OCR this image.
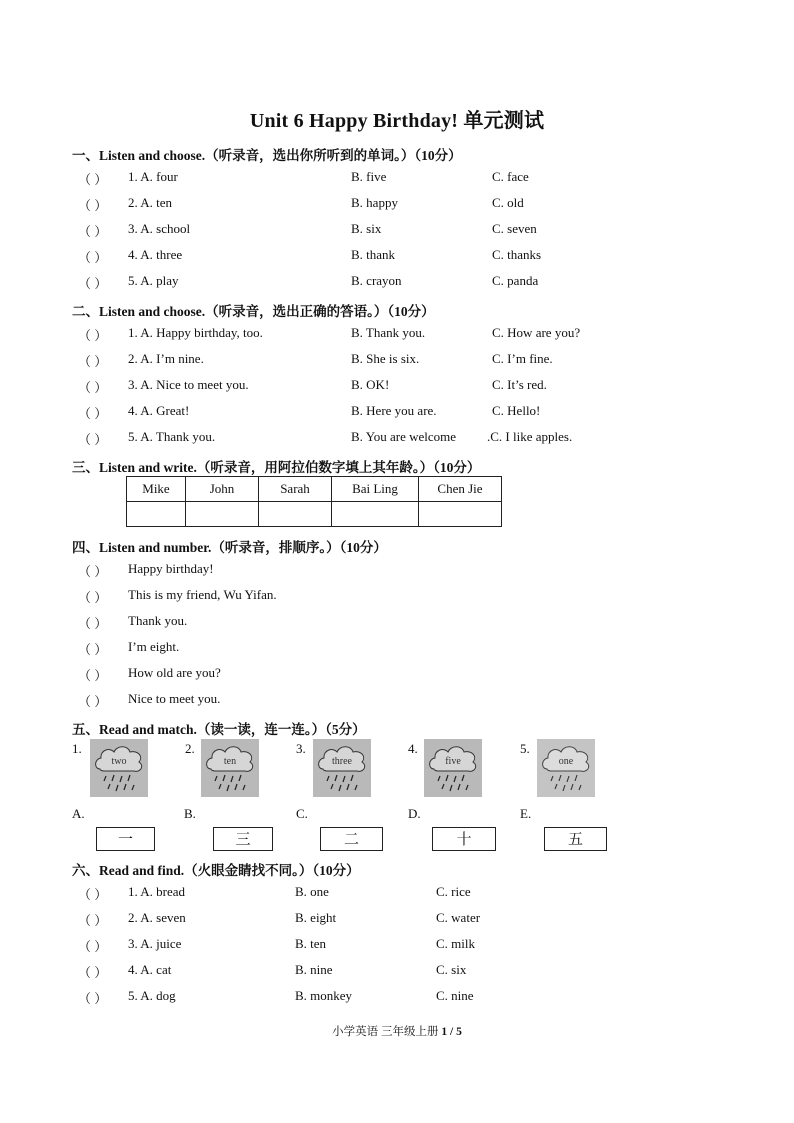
Unit 6 Happy Birthday! 单元测试
一、Listen and choose.（听录音，选出你所听到的单词。）（10分）
（ ） 1. A. four	B. five	C. face
（ ） 2. A. ten	B. happy	C. old
（ ） 3. A. school	B. six	C. seven
（ ） 4. A. three	B. thank	C. thanks
（ ） 5. A. play	B. crayon	C. panda
二、Listen and choose.（听录音，选出正确的答语。）（10分）
（ ） 1. A. Happy birthday, too.	B. Thank you.	C. How are you?
（ ） 2. A. I’m nine.	B. She is six.	C. I’m fine.
（ ） 3. A. Nice to meet you.	B. OK!	C. It’s red.
（ ） 4. A. Great!	B. Here you are.	C. Hello!
（ ） 5. A. Thank you.	B. You are welcome .C. I like apples.
三、Listen and write.（听录音，用阿拉伯数字填上其年龄。）（10分）
Mike	John	Sarah	Bai Ling	Chen Jie

四、Listen and number.（听录音，排顺序。）（10分）
（ ） Happy birthday!
（ ） This is my friend, Wu Yifan.
（ ） Thank you.
（ ） I’m eight.
（ ） How old are you?
（ ） Nice to meet you.
五、Read and match.（读一读，连一连。）（5分）
1.
two
2.
ten
3.
three
4.
five
5.
one
A.	B.	C.	D.	E.
一	三	二	十	五
六、Read and find.（火眼金睛找不同。）（10分）
（ ） 1. A. bread	B. one	C. rice
（ ） 2. A. seven	B. eight	C. water
（ ） 3. A. juice	B. ten	C. milk
（ ） 4. A. cat	B. nine	C. six
（ ） 5. A. dog	B. monkey	C. nine
小学英语 三年级上册 1 / 5
